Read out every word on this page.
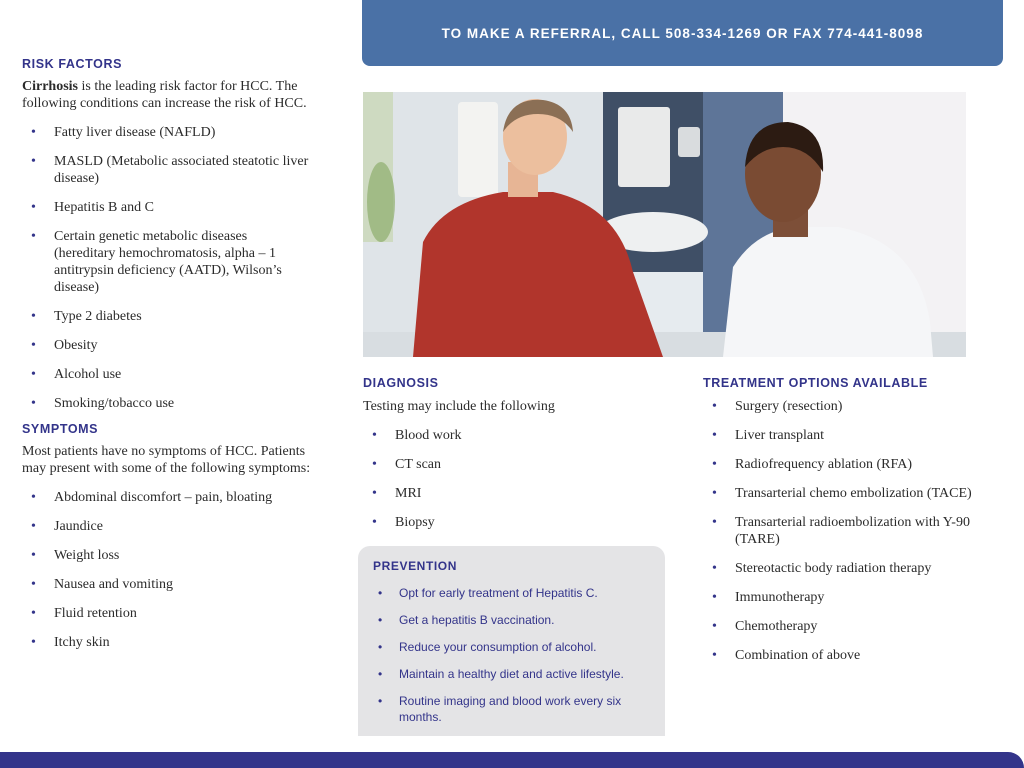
TO MAKE A REFERRAL, CALL 508-334-1269 OR FAX 774-441-8098
RISK FACTORS

Cirrhosis is the leading risk factor for HCC. The following conditions can increase the risk of HCC.

• Fatty liver disease (NAFLD)
• MASLD (Metabolic associated steatotic liver disease)
• Hepatitis B and C
• Certain genetic metabolic diseases (hereditary hemochromatosis, alpha – 1 antitrypsin deficiency (AATD), Wilson’s disease)
• Type 2 diabetes
• Obesity
• Alcohol use
• Smoking/tobacco use
SYMPTOMS

Most patients have no symptoms of HCC. Patients may present with some of the following symptoms:

• Abdominal discomfort – pain, bloating
• Jaundice
• Weight loss
• Nausea and vomiting
• Fluid retention
• Itchy skin
DIAGNOSIS

Testing may include the following

• Blood work
• CT scan
• MRI
• Biopsy
PREVENTION
• Opt for early treatment of Hepatitis C.
• Get a hepatitis B vaccination.
• Reduce your consumption of alcohol.
• Maintain a healthy diet and active lifestyle.
• Routine imaging and blood work every six months.
TREATMENT OPTIONS AVAILABLE
• Surgery (resection)
• Liver transplant
• Radiofrequency ablation (RFA)
• Transarterial chemo embolization (TACE)
• Transarterial radioembolization with Y-90 (TARE)
• Stereotactic body radiation therapy
• Immunotherapy
• Chemotherapy
• Combination of above
